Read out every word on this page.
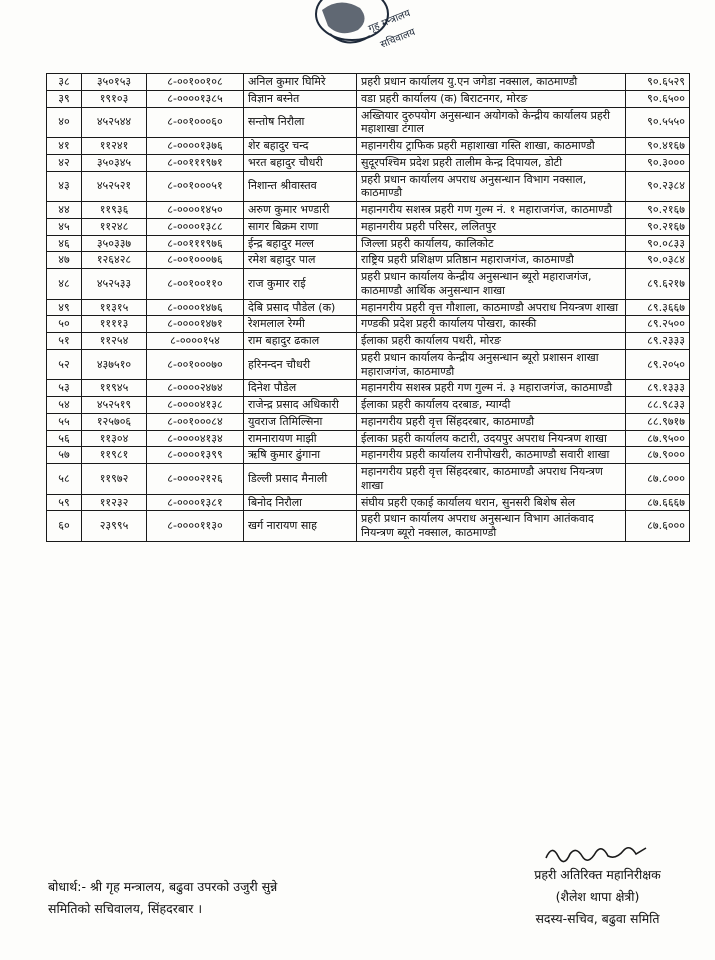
गृह मन्त्रालय
सचिवालय
३८	३५०१५३	८-००१००१०८	अनिल कुमार घिमिरे	प्रहरी प्रधान कार्यालय यु.एन जगेडा नक्साल, काठमाण्डौ	९०.६५२९
३९	१९१०३	८-००००१३८५	विज्ञान बस्नेत	वडा प्रहरी कार्यालय (क) बिराटनगर, मोरङ	९०.६५००
४०	४५२५४४	८-००१०००६०	सन्तोष निरौला	अख्तियार दुरुपयोग अनुसन्धान अयोगको केन्द्रीय कार्यालय प्रहरी महाशाखा टंगाल	९०.५५५०
४१	११२४१	८-००००१३७६	शेर बहादुर चन्द	महानगरीय ट्राफिक प्रहरी महाशाखा गस्ति शाखा, काठमाण्डौ	९०.४१६७
४२	३५०३४५	८-००१११९७१	भरत बहादुर चौधरी	सुदूरपश्चिम प्रदेश प्रहरी तालीम केन्द्र दिपायल, डोटी	९०.३०००
४३	४५२५२१	८-००१०००५१	निशान्त श्रीवास्तव	प्रहरी प्रधान कार्यालय अपराध अनुसन्धान विभाग नक्साल, काठमाण्डौ	९०.२३८४
४४	११९३६	८-००००१४५०	अरुण कुमार भण्डारी	महानगरीय सशस्त्र प्रहरी गण गुल्म नं. १ महाराजगंज, काठमाण्डौ	९०.२१६७
४५	११२४८	८-००००१३८८	सागर बिक्रम राणा	महानगरीय प्रहरी परिसर, ललितपुर	९०.२१६७
४६	३५०३३७	८-००१११९७६	ईन्द्र बहादुर मल्ल	जिल्ला प्रहरी कार्यालय, कालिकोट	९०.०८३३
४७	१२६४२८	८-००१०००७६	रमेश बहादुर पाल	राष्ट्रिय प्रहरी प्रशिक्षण प्रतिष्ठान महाराजगंज, काठमाण्डौ	९०.०३८४
४८	४५२५३३	८-००१००११०	राज कुमार राई	प्रहरी प्रधान कार्यालय केन्द्रीय अनुसन्धान ब्यूरो महाराजगंज, काठमाण्डौ आर्थिक अनुसन्धान शाखा	८९.६२१७
४९	११३१५	८-००००१४७६	देबि प्रसाद पौडेल (क)	महानगरीय प्रहरी वृत्त गौशाला, काठमाण्डौ अपराध नियन्त्रण शाखा	८९.३६६७
५०	११११३	८-००००१४७१	रेशमलाल रेग्मी	गण्डकी प्रदेश प्रहरी कार्यालय पोखरा, कास्की	८९.२५००
५१	११२५४	८-००००१५४	राम बहादुर ढकाल	ईलाका प्रहरी कार्यालय पथरी, मोरङ	८९.२३३३
५२	४३७५१०	८-००१०००७०	हरिनन्दन चौधरी	प्रहरी प्रधान कार्यालय केन्द्रीय अनुसन्धान ब्यूरो प्रशासन शाखा महाराजगंज, काठमाण्डौ	८९.२०५०
५३	११९४५	८-००००२४७४	दिनेश पौडेल	महानगरीय सशस्त्र प्रहरी गण गुल्म नं. ३ महाराजगंज, काठमाण्डौ	८९.१३३३
५४	४५२५१९	८-००००४१३८	राजेन्द्र प्रसाद अधिकारी	ईलाका प्रहरी कार्यालय दरबाङ, म्याग्दी	८८.९८३३
५५	१२५७०६	८-००१०००८४	युवराज तिमिल्सिना	महानगरीय प्रहरी वृत्त सिंहदरबार, काठमाण्डौ	८८.९७१७
५६	११३०४	८-००००४१३४	रामनारायण माझी	ईलाका प्रहरी कार्यालय कटारी, उदयपुर अपराध नियन्त्रण शाखा	८७.९५००
५७	११९८१	८-००००१३९९	ऋषि कुमार ढुंगाना	महानगरीय प्रहरी कार्यालय रानीपोखरी, काठमाण्डौ सवारी शाखा	८७.९०००
५८	११९७२	८-००००२१२६	डिल्ली प्रसाद मैनाली	महानगरीय प्रहरी वृत्त सिंहदरबार, काठमाण्डौ अपराध नियन्त्रण शाखा	८७.८०००
५९	११२३२	८-००००१३८१	बिनोद निरौला	संघीय प्रहरी एकाई कार्यालय धरान, सुनसरी बिशेष सेल	८७.६६६७
६०	२३९९५	८-००००११३०	खर्ग नारायण साह	प्रहरी प्रधान कार्यालय अपराध अनुसन्धान विभाग आतंकवाद नियन्त्रण ब्यूरो नक्साल, काठमाण्डौ	८७.६०००
बोधार्थ:- श्री गृह मन्त्रालय, बढुवा उपरको उजुरी सुन्ने
समितिको सचिवालय, सिंहदरबार ।
प्रहरी अतिरिक्त महानिरीक्षक
(शैलेश थापा क्षेत्री)
सदस्य-सचिव, बढुवा समिति
